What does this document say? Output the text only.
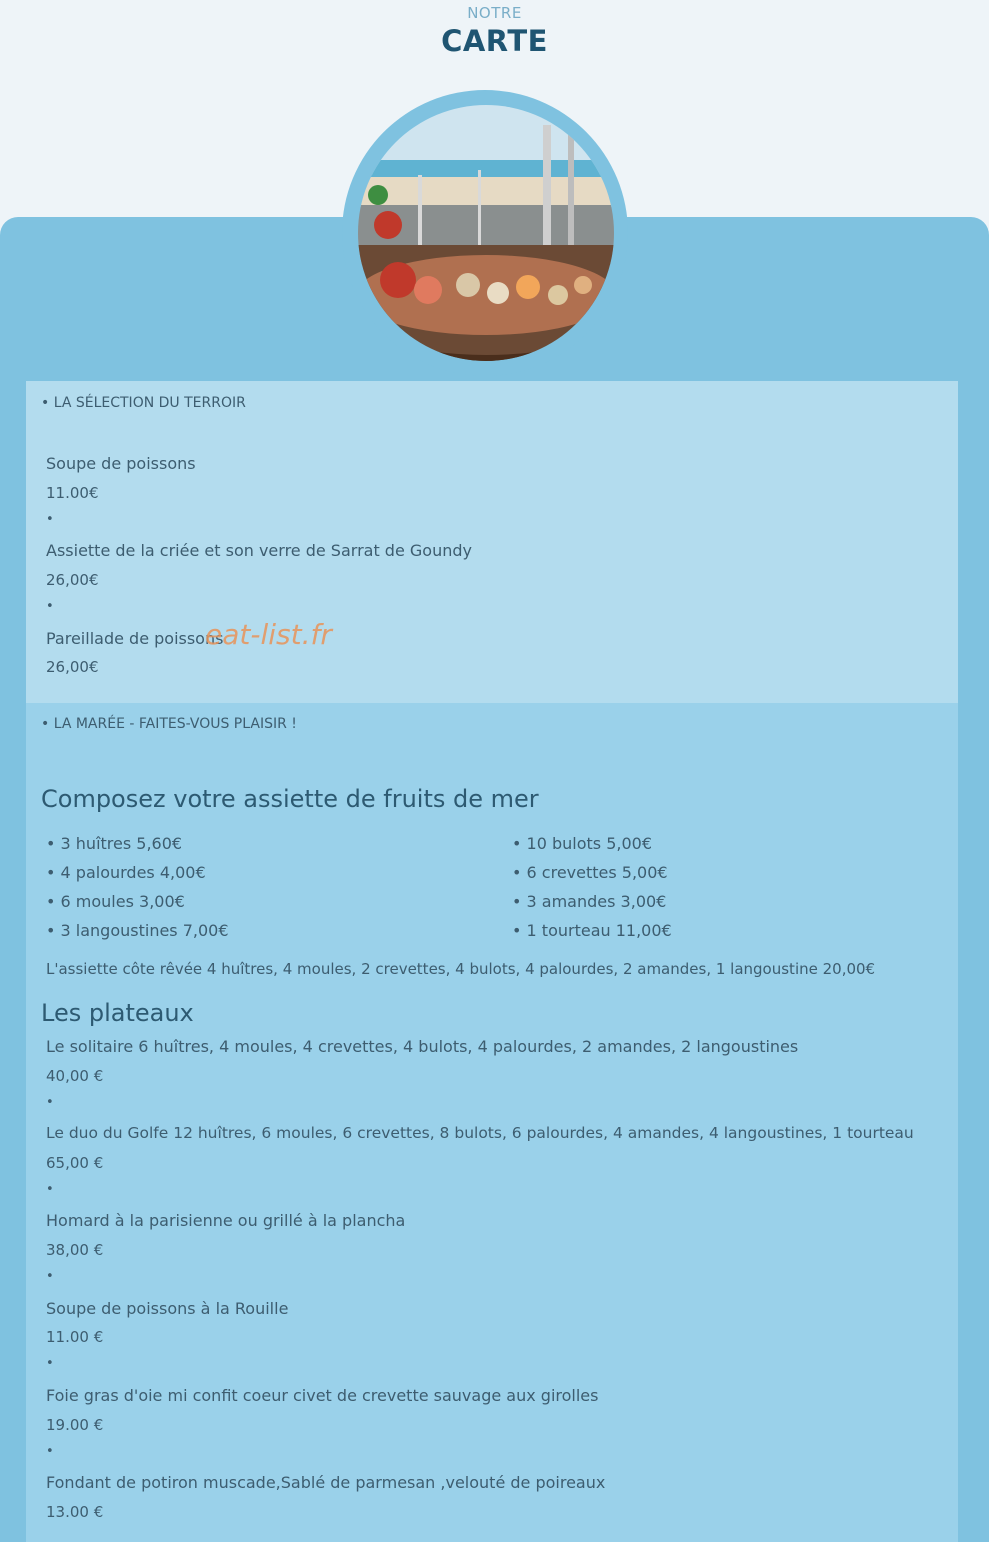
NOTRE
CARTE
• LA SÉLECTION DU TERROIR
Soupe de poissons
11.00€
•
Assiette de la criée et son verre de Sarrat de Goundy
26,00€
•
Pareillade de poissons
26,00€
eat-list.fr
• LA MARÉE - FAITES-VOUS PLAISIR !
Composez votre assiette de fruits de mer
• 3 huîtres 5,60€
• 4 palourdes 4,00€
• 6 moules 3,00€
• 3 langoustines 7,00€
• 10 bulots 5,00€
• 6 crevettes 5,00€
• 3 amandes 3,00€
• 1 tourteau 11,00€
L'assiette côte rêvée 4 huîtres, 4 moules, 2 crevettes, 4 bulots, 4 palourdes, 2 amandes, 1 langoustine 20,00€
Les plateaux
Le solitaire 6 huîtres, 4 moules, 4 crevettes, 4 bulots, 4 palourdes, 2 amandes, 2 langoustines
40,00 €
•
Le duo du Golfe 12 huîtres, 6 moules, 6 crevettes, 8 bulots, 6 palourdes, 4 amandes, 4 langoustines, 1 tourteau
65,00 €
•
Homard à la parisienne ou grillé à la plancha
38,00 €
•
Soupe de poissons à la Rouille
11.00 €
•
Foie gras d'oie mi confit coeur civet de crevette sauvage aux girolles
19.00 €
•
Fondant de potiron muscade,Sablé de parmesan ,velouté de poireaux
13.00 €
